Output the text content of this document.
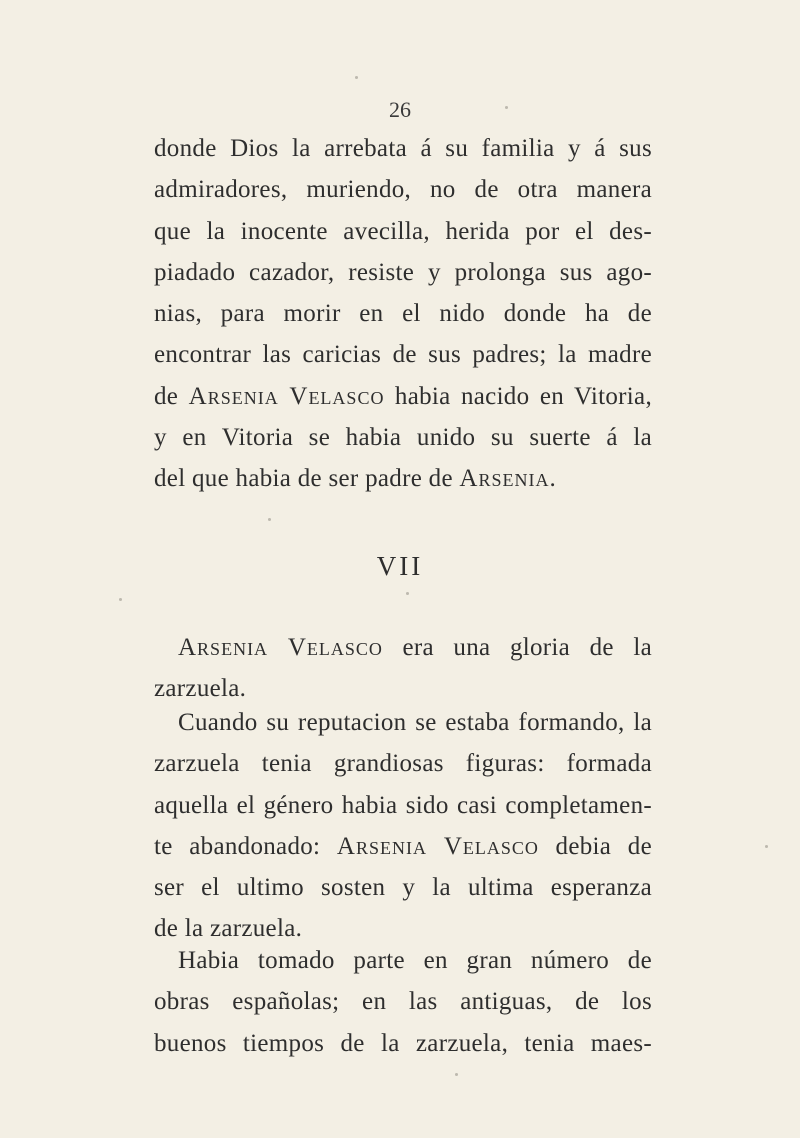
26
donde Dios la arrebata á su familia y á sus
admiradores, muriendo, no de otra manera
que la inocente avecilla, herida por el des-
piadado cazador, resiste y prolonga sus ago-
nias, para morir en el nido donde ha de
encontrar las caricias de sus padres; la madre
de Arsenia Velasco habia nacido en Vitoria,
y en Vitoria se habia unido su suerte á la
del que habia de ser padre de Arsenia.
VII
Arsenia Velasco era una gloria de la
zarzuela.
Cuando su reputacion se estaba formando, la
zarzuela tenia grandiosas figuras: formada
aquella el género habia sido casi completamen-
te abandonado: Arsenia Velasco debia de
ser el ultimo sosten y la ultima esperanza
de la zarzuela.
Habia tomado parte en gran número de
obras españolas; en las antiguas, de los
buenos tiempos de la zarzuela, tenia maes-
